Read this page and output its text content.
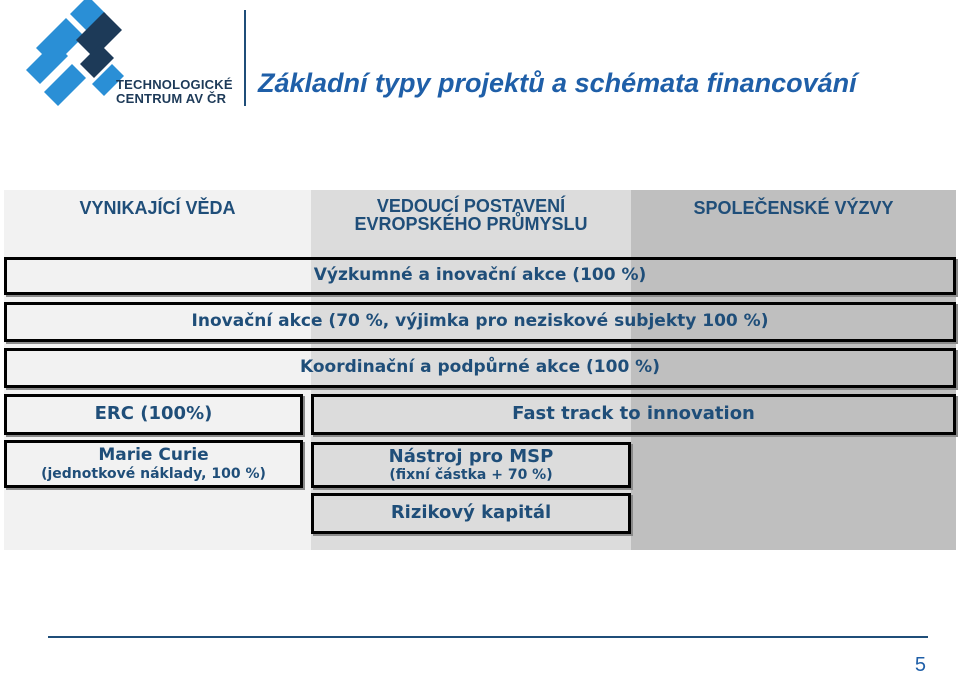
TECHNOLOGICKÉ
CENTRUM AV ČR
Základní typy projektů a schémata financování
VYNIKAJÍCÍ VĚDA	VEDOUCÍ POSTAVENÍ
EVROPSKÉHO PRŮMYSLU
SPOLEČENSKÉ VÝZVY
Výzkumné a inovační akce (100 %)
Inovační akce (70 %, výjimka pro neziskové subjekty 100 %)
Koordinační a podpůrné akce (100 %)
ERC (100%)	Fast track to innovation
Marie Curie
(jednotkové náklady, 100 %)
Nástroj pro MSP
(fixní částka + 70 %)
Rizikový kapitál
5
